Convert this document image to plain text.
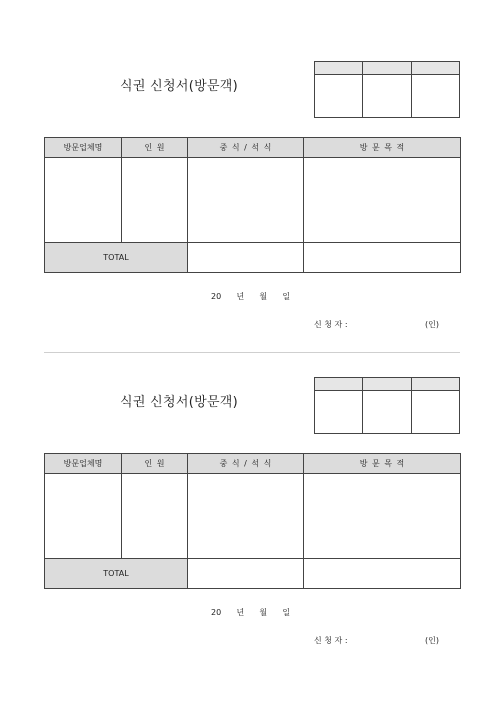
식권 신청서(방문객)

방문업체명	인 원	중 식 / 석 식	방 문 목 적

TOTAL			
20      년      월      일
신 청 자 :	(인)
식권 신청서(방문객)

방문업체명	인 원	중 식 / 석 식	방 문 목 적

TOTAL			
20      년      월      일
신 청 자 :	(인)
